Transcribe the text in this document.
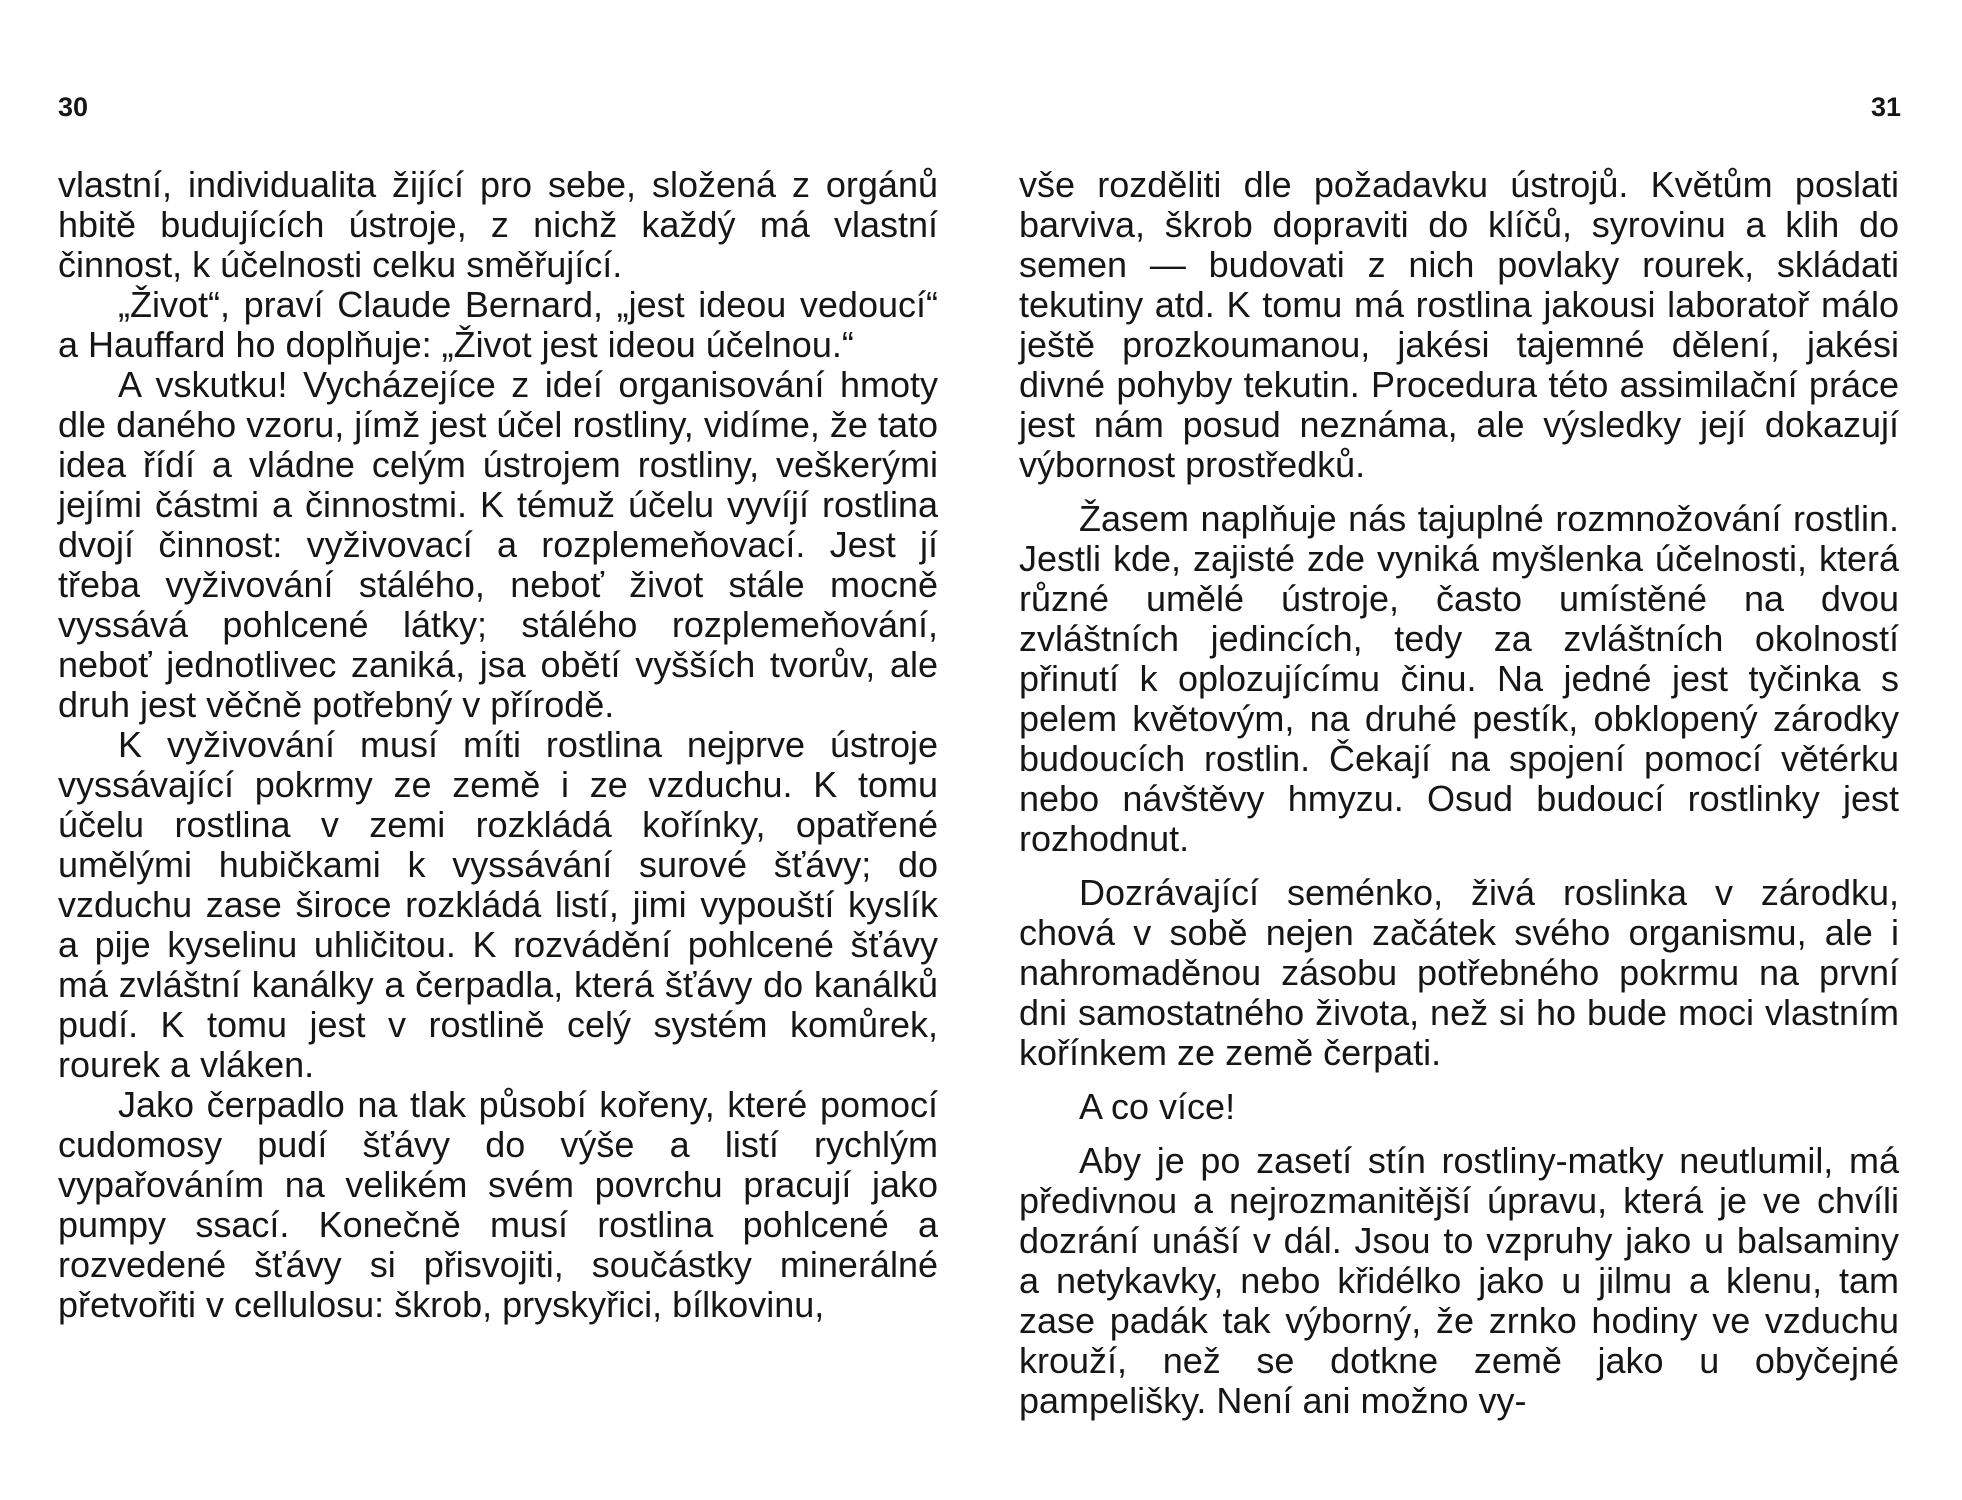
30

vlastní, individualita žijící pro sebe, složená z orgánů hbitě budujících ústroje, z nichž každý má vlastní činnost, k účelnosti celku směřující.

„Život“, praví Claude Bernard, „jest ideou vedoucí“ a Hauffard ho doplňuje: „Život jest ideou účelnou.“

A vskutku! Vycházejíce z ideí organisování hmoty dle daného vzoru, jímž jest účel rostliny, vidíme, že tato idea řídí a vládne celým ústrojem rostliny, veškerými jejími částmi a činnostmi. K témuž účelu vyvíjí rostlina dvojí činnost: vyživovací a rozplemeňovací. Jest jí třeba vyživování stálého, neboť život stále mocně vyssává pohlcené látky; stálého rozplemeňování, neboť jednotlivec zaniká, jsa obětí vyšších tvorův, ale druh jest věčně potřebný v přírodě.

K vyživování musí míti rostlina nejprve ústroje vyssávající pokrmy ze země i ze vzduchu. K tomu účelu rostlina v zemi rozkládá kořínky, opatřené umělými hubičkami k vyssávání surové šťávy; do vzduchu zase široce rozkládá listí, jimi vypouští kyslík a pije kyselinu uhličitou. K rozvádění pohlcené šťávy má zvláštní kanálky a čerpadla, která šťávy do kanálků pudí. K tomu jest v rostlině celý systém komůrek, rourek a vláken.

Jako čerpadlo na tlak působí kořeny, které pomocí cudomosy pudí šťávy do výše a listí rychlým vypařováním na velikém svém povrchu pracují jako pumpy ssací. Konečně musí rostlina pohlcené a rozvedené šťávy si přisvojiti, součástky minerálné přetvořiti v cellulosu: škrob, pryskyřici, bílkovinu,

31

vše rozděliti dle požadavku ústrojů. Květům poslati barviva, škrob dopraviti do klíčů, syrovinu a klih do semen — budovati z nich povlaky rourek, skládati tekutiny atd. K tomu má rostlina jakousi laboratoř málo ještě prozkoumanou, jakési tajemné dělení, jakési divné pohyby tekutin. Procedura této assimilační práce jest nám posud neznáma, ale výsledky její dokazují výbornost prostředků.

Žasem naplňuje nás tajuplné rozmnožování rostlin. Jestli kde, zajisté zde vyniká myšlenka účelnosti, která různé umělé ústroje, často umístěné na dvou zvláštních jedincích, tedy za zvláštních okolností přinutí k oplozujícímu činu. Na jedné jest tyčinka s pelem květovým, na druhé pestík, obklopený zárodky budoucích rostlin. Čekají na spojení pomocí větérku nebo návštěvy hmyzu. Osud budoucí rostlinky jest rozhodnut.

Dozrávající seménko, živá roslinka v zárodku, chová v sobě nejen začátek svého organismu, ale i nahromaděnou zásobu potřebného pokrmu na první dni samostatného života, než si ho bude moci vlastním kořínkem ze země čerpati.

A co více!

Aby je po zasetí stín rostliny-matky neutlumil, má předivnou a nejrozmanitější úpravu, která je ve chvíli dozrání unáší v dál. Jsou to vzpruhy jako u balsaminy a netykavky, nebo křidélko jako u jilmu a klenu, tam zase padák tak výborný, že zrnko hodiny ve vzduchu krouží, než se dotkne země jako u obyčejné pampelišky. Není ani možno vy-
